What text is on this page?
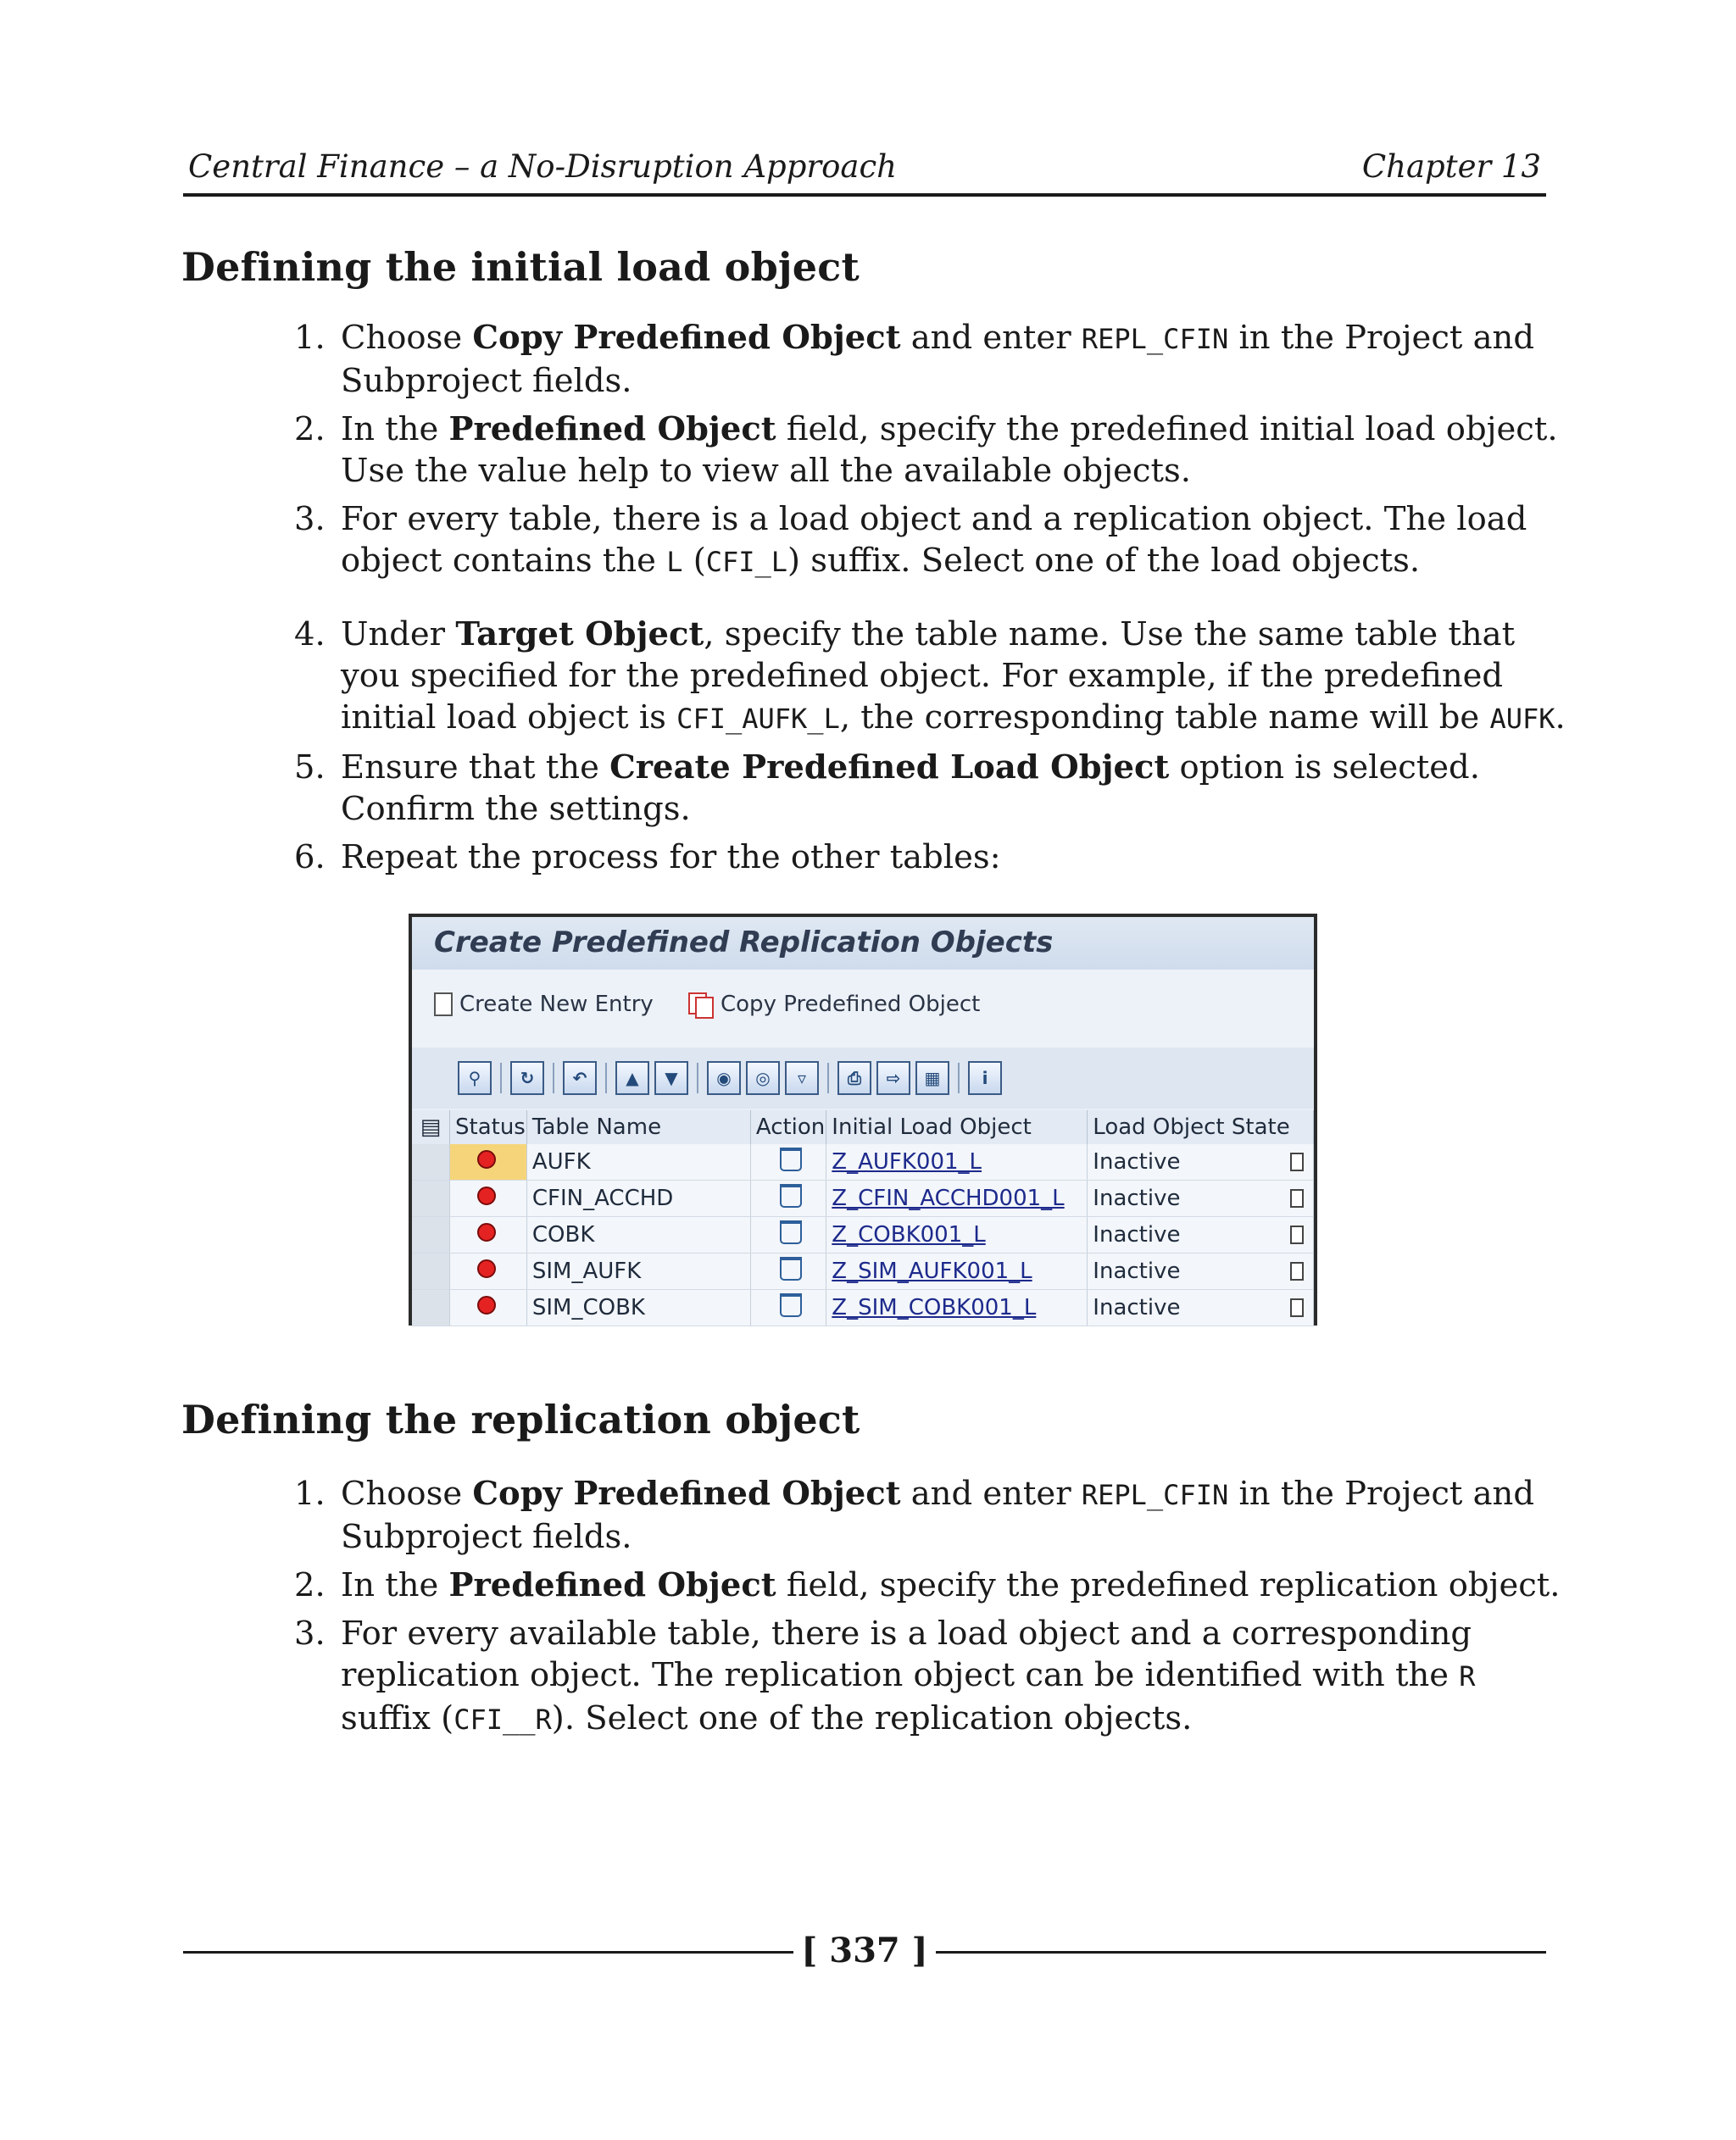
Central Finance – a No-Disruption Approach	Chapter 13
Defining the initial load object
1. Choose Copy Predefined Object and enter REPL_CFIN in the Project and Subproject fields.
2. In the Predefined Object field, specify the predefined initial load object. Use the value help to view all the available objects.
3. For every table, there is a load object and a replication object. The load object contains the L (CFI_L) suffix. Select one of the load objects.
4. Under Target Object, specify the table name. Use the same table that you specified for the predefined object. For example, if the predefined initial load object is CFI_AUFK_L, the corresponding table name will be AUFK.
5. Ensure that the Create Predefined Load Object option is selected. Confirm the settings.
6. Repeat the process for the other tables:
Create Predefined Replication Objects
Create New Entry	Copy Predefined Object
⚲	↻	↶	▲	▼	◉	◎	▿	⎙	⇨	▦	i
▤	Status	Table Name	Action	Initial Load Object	Load Object State
		AUFK		Z_AUFK001_L	Inactive

		CFIN_ACCHD		Z_CFIN_ACCHD001_L	Inactive

		COBK		Z_COBK001_L	Inactive

		SIM_AUFK		Z_SIM_AUFK001_L	Inactive

		SIM_COBK		Z_SIM_COBK001_L	Inactive
Defining the replication object
1. Choose Copy Predefined Object and enter REPL_CFIN in the Project and Subproject fields.
2. In the Predefined Object field, specify the predefined replication object.
3. For every available table, there is a load object and a corresponding replication object. The replication object can be identified with the R suffix (CFI__R). Select one of the replication objects.
[ 337 ]
